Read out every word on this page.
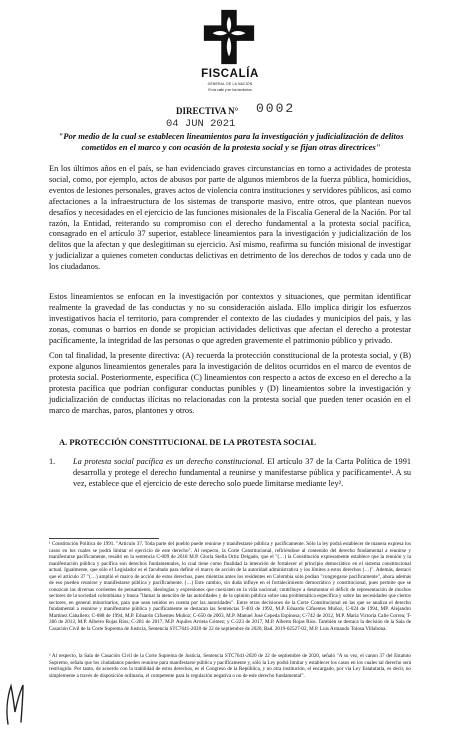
FISCALÍA
GENERAL DE LA NACIÓN
En la calle y en los territorios
DIRECTIVA N° 0002
04 JUN 2021
"Por medio de la cual se establecen lineamientos para la investigación y judicialización de delitos cometidos en el marco y con ocasión de la protesta social y se fijan otras directrices"

En los últimos años en el país, se han evidenciado graves circunstancias en torno a actividades de protesta social, como, por ejemplo, actos de abusos por parte de algunos miembros de la fuerza pública, homicidios, eventos de lesiones personales, graves actos de violencia contra instituciones y servidores públicos, así como afectaciones a la infraestructura de los sistemas de transporte masivo, entre otros, que plantean nuevos desafíos y necesidades en el ejercicio de las funciones misionales de la Fiscalía General de la Nación. Por tal razón, la Entidad, reiterando su compromiso con el derecho fundamental a la protesta social pacífica, consagrado en el artículo 37 superior, establece lineamientos para la investigación y judicialización de los delitos que la afectan y que deslegitiman su ejercicio. Así mismo, reafirma su función misional de investigar y judicializar a quienes cometen conductas delictivas en detrimento de los derechos de todos y cada uno de los ciudadanos.

Estos lineamientos se enfocan en la investigación por contextos y situaciones, que permitan identificar realmente la gravedad de las conductas y no su consideración aislada. Ello implica dirigir los esfuerzos investigativos hacia el territorio, para comprender el contexto de las ciudades y municipios del país, y las zonas, comunas o barrios en donde se propician actividades delictivas que afectan el derecho a protestar pacíficamente, la integridad de las personas o que agreden gravemente el patrimonio público y privado.

Con tal finalidad, la presente directiva: (A) recuerda la protección constitucional de la protesta social, y (B) expone algunos lineamientos generales para la investigación de delitos ocurridos en el marco de eventos de protesta social. Posteriormente, especifica (C) lineamientos con respecto a actos de exceso en el derecho a la protesta pacífica que podrían configurar conductas punibles y (D) lineamientos sobre la investigación y judicialización de conductas ilícitas no relacionadas con la protesta social que pueden tener ocasión en el marco de marchas, paros, plantones y otros.

A. PROTECCIÓN CONSTITUCIONAL DE LA PROTESTA SOCIAL
1. La protesta social pacífica es un derecho constitucional. El artículo 37 de la Carta Política de 1991 desarrolla y protege el derecho fundamental a reunirse y manifestarse pública y pacíficamente¹. A su vez, establece que el ejercicio de este derecho solo puede limitarse mediante ley².

¹ Constitución Política de 1991. "Artículo 37. Toda parte del pueblo puede reunirse y manifestarse pública y pacíficamente. Sólo la ley podrá establecer de manera expresa los casos en los cuales se podrá limitar el ejercicio de este derecho". Al respecto, la Corte Constitucional, refiriéndose al contenido del derecho fundamental a reunirse y manifestarse pacíficamente, resaltó en la sentencia C-009 de 2018 M.P. Gloria Stella Ortiz Delgado, que el "(…) la Constitución expresamente establece que la reunión y la manifestación pública y pacífica son derechos fundamentales, lo cual tiene como finalidad la intención de fortalecer el principio democrático en el sistema constitucional actual. Igualmente, que sólo el Legislador es el facultado para definir el marco de acción de la autoridad administrativa y los límites a estos derechos (…)". Además, destacó que el artículo 37 "(…) amplió el marco de acción de estos derechos, pues mientras antes los residentes en Colombia sólo podían "congregarse pacíficamente", ahora además de eso pueden reunirse y manifestarse pública y pacíficamente. (…) Este cambio, sin duda influye en el fortalecimiento democrático y constitucional, pues permite que se conozcan las diversas corrientes de pensamiento, ideologías y expresiones que coexisten en la vida nacional; contribuye a desmontar el déficit de representación de muchos sectores de la sociedad colombiana y busca "llamar la atención de las autoridades y de la opinión pública sobre una problemática específica y sobre las necesidades que ciertos sectores, en general minoritarios, para que sean tenidos en cuenta por las autoridades". Entre otras decisiones de la Corte Constitucional en las que se analiza el derecho fundamental a reunirse y manifestarse pública y pacíficamente se destacan las Sentencias T-403 de 1992, M.P. Eduardo Cifuentes Muñoz, C-024 de 1994, MP. Alejandro Martínez Caballero; C-088 de 1994, M.P. Eduardo Cifuentes Muñoz; C-650 de 2003, M.P. Manuel José Cepeda Espinosa; C-742 de 2012, M.P. María Victoria Calle Correa; T-366 de 2013, M.P. Alberto Rojas Ríos; C-281 de 2017, M.P. Aquiles Arrieta Gómez; y C-223 de 2017, M.P. Alberto Rojas Ríos. También se destaca la decisión de la Sala de Casación Civil de la Corte Suprema de Justicia, Sentencia STC7641-2020 de 22 de septiembre de 2020, Rad. 2019-02527-02, M.P. Luis Armando Tolosa Villabona.

² Al respecto, la Sala de Casación Civil de la Corte Suprema de Justicia, Sentencia STC7641-2020 de 22 de septiembre de 2020, señaló "A su vez, el canon 37 del Estatuto Supremo, señala que los ciudadanos pueden reunirse para manifestarse pública y pacíficamente y, sólo la Ley podrá limitar y establecer los casos en los cuales tal derecho será restringido. Por tanto, de acuerdo con la trabilidad de estos derechos, es el Congreso de la República, y no otra institución, el encargado, por vía Ley Estatutaria, es decir, no simplemente a través de disposición ordinaria, el competente para la regulación negativa o no de este derecho fundamental".
